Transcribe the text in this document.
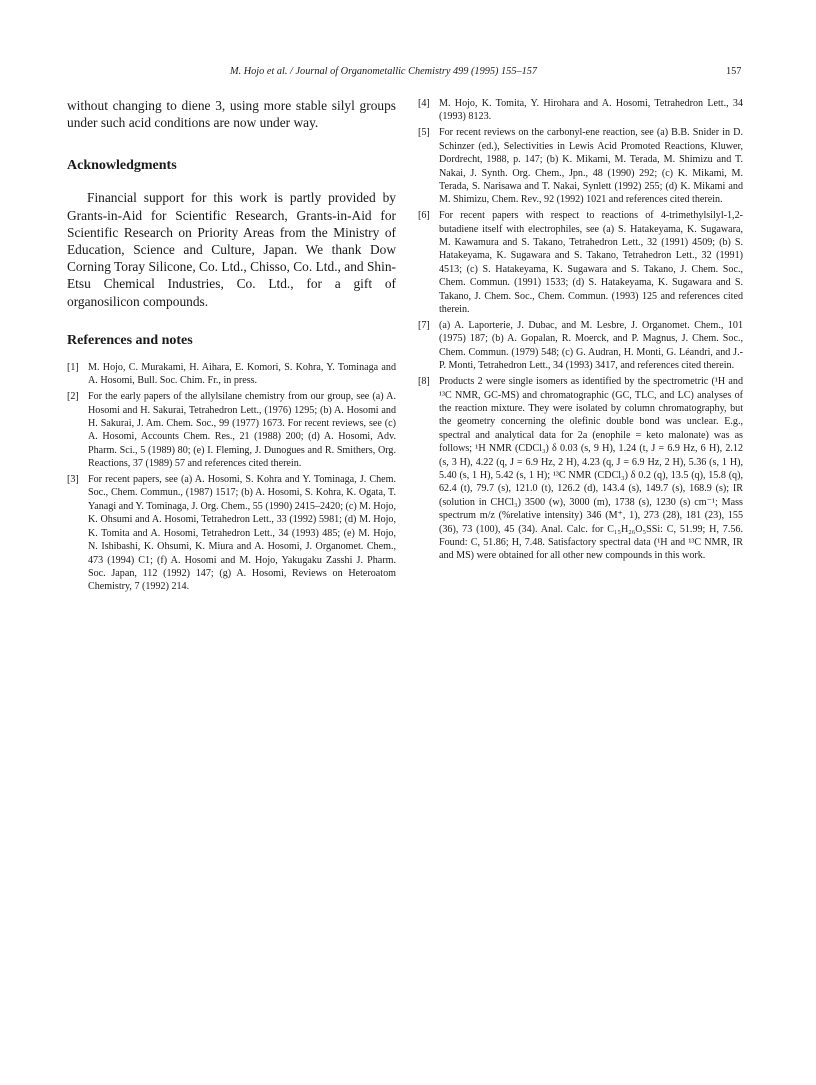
M. Hojo et al. / Journal of Organometallic Chemistry 499 (1995) 155–157	157

without changing to diene 3, using more stable silyl groups under such acid conditions are now under way.

Acknowledgments

Financial support for this work is partly provided by Grants-in-Aid for Scientific Research, Grants-in-Aid for Scientific Research on Priority Areas from the Ministry of Education, Science and Culture, Japan. We thank Dow Corning Toray Silicone, Co. Ltd., Chisso, Co. Ltd., and Shin-Etsu Chemical Industries, Co. Ltd., for a gift of organosilicon compounds.

References and notes
[1] M. Hojo, C. Murakami, H. Aihara, E. Komori, S. Kohra, Y. Tominaga and A. Hosomi, Bull. Soc. Chim. Fr., in press.
[2] For the early papers of the allylsilane chemistry from our group, see (a) A. Hosomi and H. Sakurai, Tetrahedron Lett., (1976) 1295; (b) A. Hosomi and H. Sakurai, J. Am. Chem. Soc., 99 (1977) 1673. For recent reviews, see (c) A. Hosomi, Accounts Chem. Res., 21 (1988) 200; (d) A. Hosomi, Adv. Pharm. Sci., 5 (1989) 80; (e) I. Fleming, J. Dunogues and R. Smithers, Org. Reactions, 37 (1989) 57 and references cited therein.
[3] For recent papers, see (a) A. Hosomi, S. Kohra and Y. Tominaga, J. Chem. Soc., Chem. Commun., (1987) 1517; (b) A. Hosomi, S. Kohra, K. Ogata, T. Yanagi and Y. Tominaga, J. Org. Chem., 55 (1990) 2415–2420; (c) M. Hojo, K. Ohsumi and A. Hosomi, Tetrahedron Lett., 33 (1992) 5981; (d) M. Hojo, K. Tomita and A. Hosomi, Tetrahedron Lett., 34 (1993) 485; (e) M. Hojo, N. Ishibashi, K. Ohsumi, K. Miura and A. Hosomi, J. Organomet. Chem., 473 (1994) C1; (f) A. Hosomi and M. Hojo, Yakugaku Zasshi J. Pharm. Soc. Japan, 112 (1992) 147; (g) A. Hosomi, Reviews on Heteroatom Chemistry, 7 (1992) 214.
[4] M. Hojo, K. Tomita, Y. Hirohara and A. Hosomi, Tetrahedron Lett., 34 (1993) 8123.
[5] For recent reviews on the carbonyl-ene reaction, see (a) B.B. Snider in D. Schinzer (ed.), Selectivities in Lewis Acid Promoted Reactions, Kluwer, Dordrecht, 1988, p. 147; (b) K. Mikami, M. Terada, M. Shimizu and T. Nakai, J. Synth. Org. Chem., Jpn., 48 (1990) 292; (c) K. Mikami, M. Terada, S. Narisawa and T. Nakai, Synlett (1992) 255; (d) K. Mikami and M. Shimizu, Chem. Rev., 92 (1992) 1021 and references cited therein.
[6] For recent papers with respect to reactions of 4-trimethylsilyl-1,2-butadiene itself with electrophiles, see (a) S. Hatakeyama, K. Sugawara, M. Kawamura and S. Takano, Tetrahedron Lett., 32 (1991) 4509; (b) S. Hatakeyama, K. Sugawara and S. Takano, Tetrahedron Lett., 32 (1991) 4513; (c) S. Hatakeyama, K. Sugawara and S. Takano, J. Chem. Soc., Chem. Commun. (1991) 1533; (d) S. Hatakeyama, K. Sugawara and S. Takano, J. Chem. Soc., Chem. Commun. (1993) 125 and references cited therein.
[7] (a) A. Laporterie, J. Dubac, and M. Lesbre, J. Organomet. Chem., 101 (1975) 187; (b) A. Gopalan, R. Moerck, and P. Magnus, J. Chem. Soc., Chem. Commun. (1979) 548; (c) G. Audran, H. Monti, G. Léandri, and J.-P. Monti, Tetrahedron Lett., 34 (1993) 3417, and references cited therein.
[8] Products 2 were single isomers as identified by the spectrometric (¹H and ¹³C NMR, GC-MS) and chromatographic (GC, TLC, and LC) analyses of the reaction mixture. They were isolated by column chromatography, but the geometry concerning the olefinic double bond was unclear. E.g., spectral and analytical data for 2a (enophile = keto malonate) was as follows; ¹H NMR (CDCl₃) δ 0.03 (s, 9 H), 1.24 (t, J = 6.9 Hz, 6 H), 2.12 (s, 3 H), 4.22 (q, J = 6.9 Hz, 2 H), 4.23 (q, J = 6.9 Hz, 2 H), 5.36 (s, 1 H), 5.40 (s, 1 H), 5.42 (s, 1 H); ¹³C NMR (CDCl₃) δ 0.2 (q), 13.5 (q), 15.8 (q), 62.4 (t), 79.7 (s), 121.0 (t), 126.2 (d), 143.4 (s), 149.7 (s), 168.9 (s); IR (solution in CHCl₃) 3500 (w), 3000 (m), 1738 (s), 1230 (s) cm⁻¹; Mass spectrum m/z (%relative intensity) 346 (M⁺, 1), 273 (28), 181 (23), 155 (36), 73 (100), 45 (34). Anal. Calc. for C₁₅H₂₆O₅SSi: C, 51.99; H, 7.56. Found: C, 51.86; H, 7.48. Satisfactory spectral data (¹H and ¹³C NMR, IR and MS) were obtained for all other new compounds in this work.
